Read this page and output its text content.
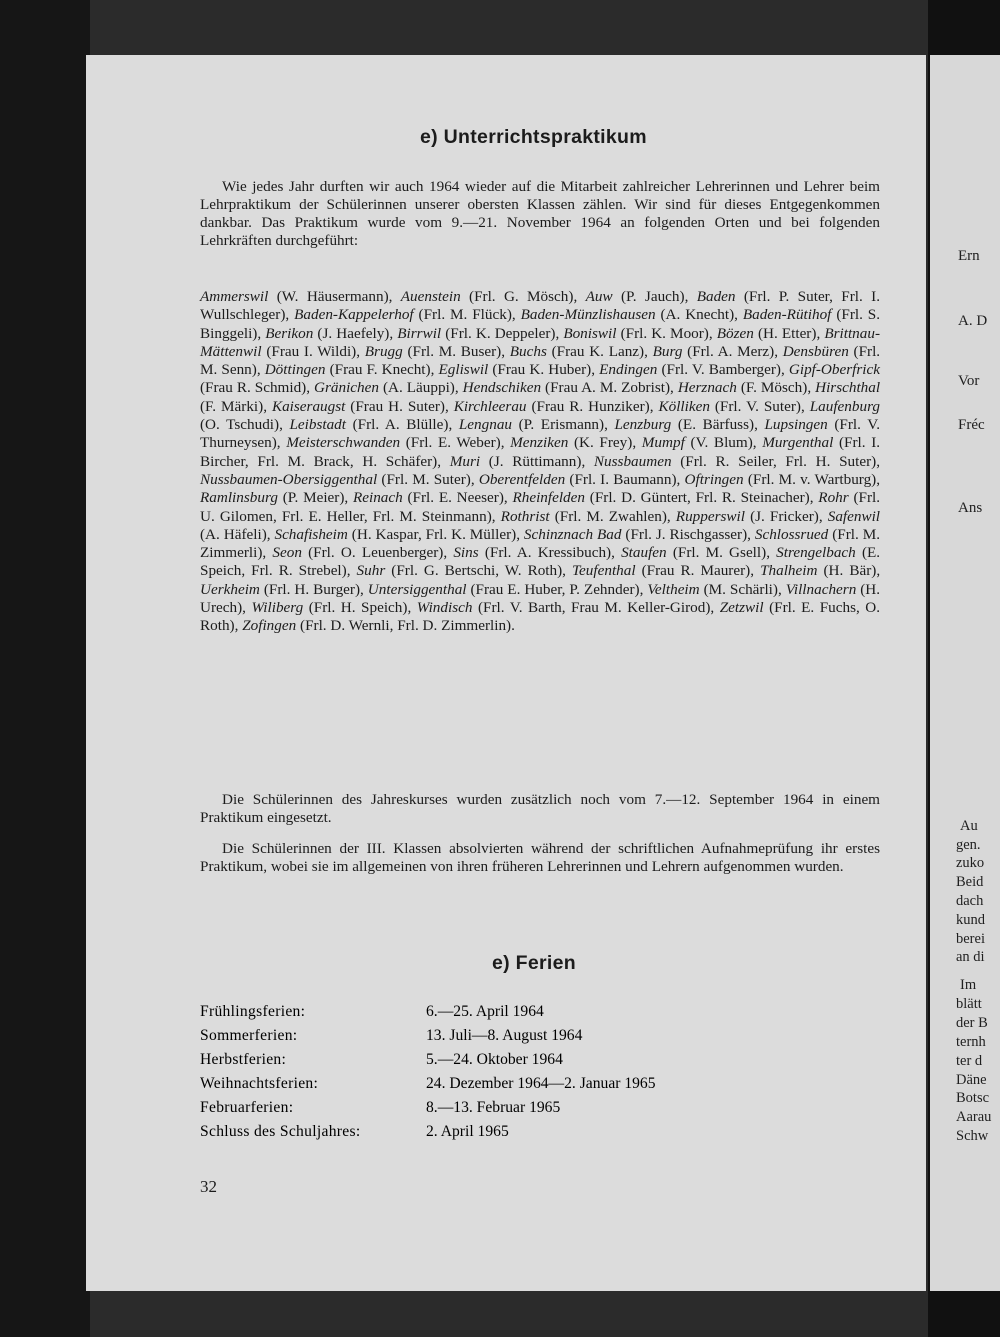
Ern
A. D
Vor
Fréc
Ans
Au
gen.
zuko
Beid
dach
kund
berei
an di
Im
blätt
der B
ternh
ter d
Däne
Botsc
Aarau
Schw
e) Unterrichtspraktikum
Wie jedes Jahr durften wir auch 1964 wieder auf die Mitarbeit zahlreicher Lehrerinnen und Lehrer beim Lehrpraktikum der Schülerinnen unserer obersten Klassen zählen. Wir sind für dieses Entgegenkommen dankbar. Das Praktikum wurde vom 9.—21. November 1964 an folgenden Orten und bei folgenden Lehrkräften durchgeführt:
Ammerswil (W. Häusermann), Auenstein (Frl. G. Mösch), Auw (P. Jauch), Baden (Frl. P. Suter, Frl. I. Wullschleger), Baden-Kappelerhof (Frl. M. Flück), Baden-Münzlishausen (A. Knecht), Baden-Rütihof (Frl. S. Binggeli), Berikon (J. Haefely), Birrwil (Frl. K. Deppeler), Boniswil (Frl. K. Moor), Bözen (H. Etter), Brittnau-Mättenwil (Frau I. Wildi), Brugg (Frl. M. Buser), Buchs (Frau K. Lanz), Burg (Frl. A. Merz), Densbüren (Frl. M. Senn), Döttingen (Frau F. Knecht), Egliswil (Frau K. Huber), Endingen (Frl. V. Bamberger), Gipf-Oberfrick (Frau R. Schmid), Gränichen (A. Läuppi), Hendschiken (Frau A. M. Zobrist), Herznach (F. Mösch), Hirschthal (F. Märki), Kaiseraugst (Frau H. Suter), Kirchleerau (Frau R. Hunziker), Kölliken (Frl. V. Suter), Laufenburg (O. Tschudi), Leibstadt (Frl. A. Blülle), Lengnau (P. Erismann), Lenzburg (E. Bärfuss), Lupsingen (Frl. V. Thurneysen), Meisterschwanden (Frl. E. Weber), Menziken (K. Frey), Mumpf (V. Blum), Murgenthal (Frl. I. Bircher, Frl. M. Brack, H. Schäfer), Muri (J. Rüttimann), Nussbaumen (Frl. R. Seiler, Frl. H. Suter), Nussbaumen-Obersiggenthal (Frl. M. Suter), Oberentfelden (Frl. I. Baumann), Oftringen (Frl. M. v. Wartburg), Ramlinsburg (P. Meier), Reinach (Frl. E. Neeser), Rheinfelden (Frl. D. Güntert, Frl. R. Steinacher), Rohr (Frl. U. Gilomen, Frl. E. Heller, Frl. M. Steinmann), Rothrist (Frl. M. Zwahlen), Rupperswil (J. Fricker), Safenwil (A. Häfeli), Schafisheim (H. Kaspar, Frl. K. Müller), Schinznach Bad (Frl. J. Rischgasser), Schlossrued (Frl. M. Zimmerli), Seon (Frl. O. Leuenberger), Sins (Frl. A. Kressibuch), Staufen (Frl. M. Gsell), Strengelbach (E. Speich, Frl. R. Strebel), Suhr (Frl. G. Bertschi, W. Roth), Teufenthal (Frau R. Maurer), Thalheim (H. Bär), Uerkheim (Frl. H. Burger), Untersiggenthal (Frau E. Huber, P. Zehnder), Veltheim (M. Schärli), Villnachern (H. Urech), Wiliberg (Frl. H. Speich), Windisch (Frl. V. Barth, Frau M. Keller-Girod), Zetzwil (Frl. E. Fuchs, O. Roth), Zofingen (Frl. D. Wernli, Frl. D. Zimmerlin).
Die Schülerinnen des Jahreskurses wurden zusätzlich noch vom 7.—12. September 1964 in einem Praktikum eingesetzt.
Die Schülerinnen der III. Klassen absolvierten während der schriftlichen Aufnahmeprüfung ihr erstes Praktikum, wobei sie im allgemeinen von ihren früheren Lehrerinnen und Lehrern aufgenommen wurden.
e) Ferien
Frühlingsferien:	6.—25. April 1964
Sommerferien:	13. Juli—8. August 1964
Herbstferien:	5.—24. Oktober 1964
Weihnachtsferien:	24. Dezember 1964—2. Januar 1965
Februarferien:	8.—13. Februar 1965
Schluss des Schuljahres:	2. April 1965
32
